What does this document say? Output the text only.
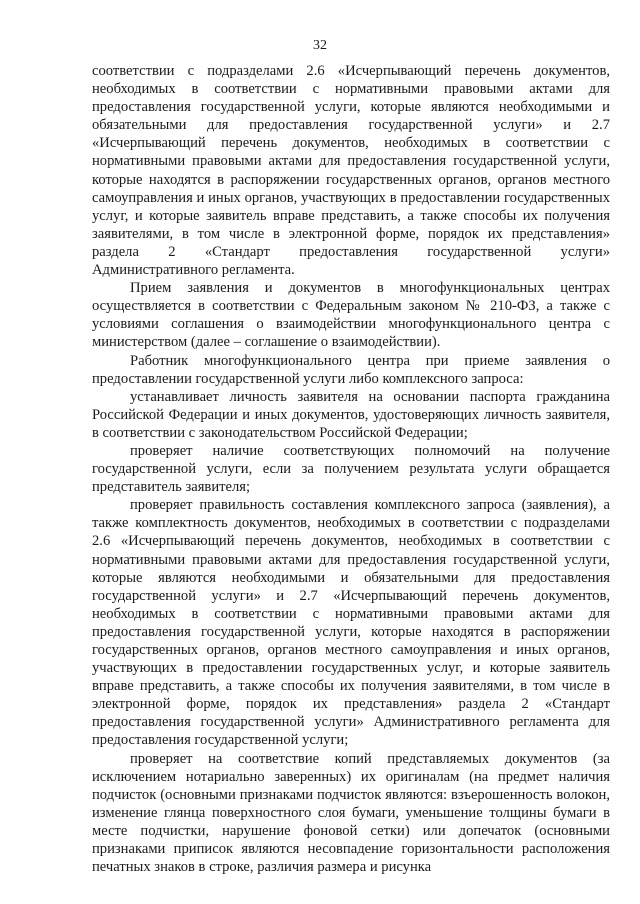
32

соответствии с подразделами 2.6 «Исчерпывающий перечень документов, необходимых в соответствии с нормативными правовыми актами для предоставления государственной услуги, которые являются необходимыми и обязательными для предоставления государственной услуги» и 2.7 «Исчерпывающий перечень документов, необходимых в соответствии с нормативными правовыми актами для предоставления государственной услуги, которые находятся в распоряжении государственных органов, органов местного самоуправления и иных органов, участвующих в предоставлении государственных услуг, и которые заявитель вправе представить, а также способы их получения заявителями, в том числе в электронной форме, порядок их представления» раздела 2 «Стандарт предоставления государственной услуги» Административного регламента.

Прием заявления и документов в многофункциональных центрах осуществляется в соответствии с Федеральным законом № 210-ФЗ, а также с условиями соглашения о взаимодействии многофункционального центра с министерством (далее – соглашение о взаимодействии).

Работник многофункционального центра при приеме заявления о предоставлении государственной услуги либо комплексного запроса:

устанавливает личность заявителя на основании паспорта гражданина Российской Федерации и иных документов, удостоверяющих личность заявителя, в соответствии с законодательством Российской Федерации;

проверяет наличие соответствующих полномочий на получение государственной услуги, если за получением результата услуги обращается представитель заявителя;

проверяет правильность составления комплексного запроса (заявления), а также комплектность документов, необходимых в соответствии с подразделами 2.6 «Исчерпывающий перечень документов, необходимых в соответствии с нормативными правовыми актами для предоставления государственной услуги, которые являются необходимыми и обязательными для предоставления государственной услуги» и 2.7 «Исчерпывающий перечень документов, необходимых в соответствии с нормативными правовыми актами для предоставления государственной услуги, которые находятся в распоряжении государственных органов, органов местного самоуправления и иных органов, участвующих в предоставлении государственных услуг, и которые заявитель вправе представить, а также способы их получения заявителями, в том числе в электронной форме, порядок их представления» раздела 2 «Стандарт предоставления государственной услуги» Административного регламента для предоставления государственной услуги;

проверяет на соответствие копий представляемых документов (за исключением нотариально заверенных) их оригиналам (на предмет наличия подчисток (основными признаками подчисток являются: взъерошенность волокон, изменение глянца поверхностного слоя бумаги, уменьшение толщины бумаги в месте подчистки, нарушение фоновой сетки) или допечаток (основными признаками приписок являются несовпадение горизонтальности расположения печатных знаков в строке, различия размера и рисунка
